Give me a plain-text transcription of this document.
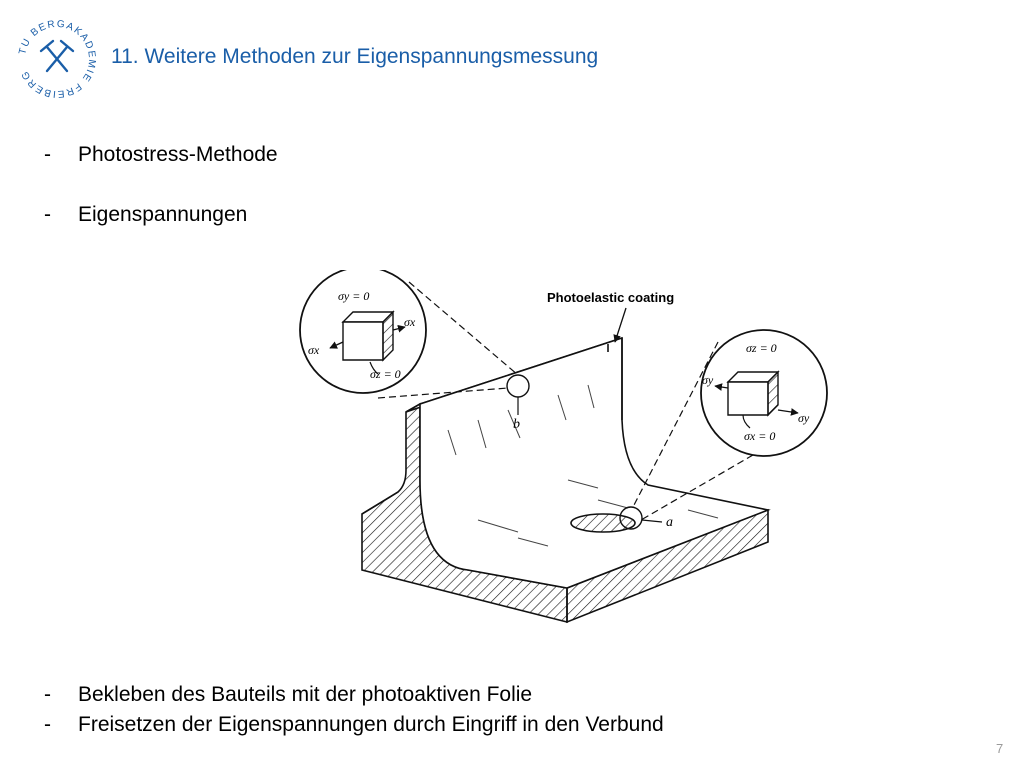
TU BERGAKADEMIE FREIBERG
11. Weitere Methoden zur Eigenspannungsmessung
-	Photostress-Methode
-	Eigenspannungen
σy = 0
σx
σx
σz = 0
σz = 0
σy
σy
σx = 0
Photoelastic coating
b
a
-	Bekleben des Bauteils mit der photoaktiven Folie
-	Freisetzen der Eigenspannungen durch Eingriff in den Verbund
7
